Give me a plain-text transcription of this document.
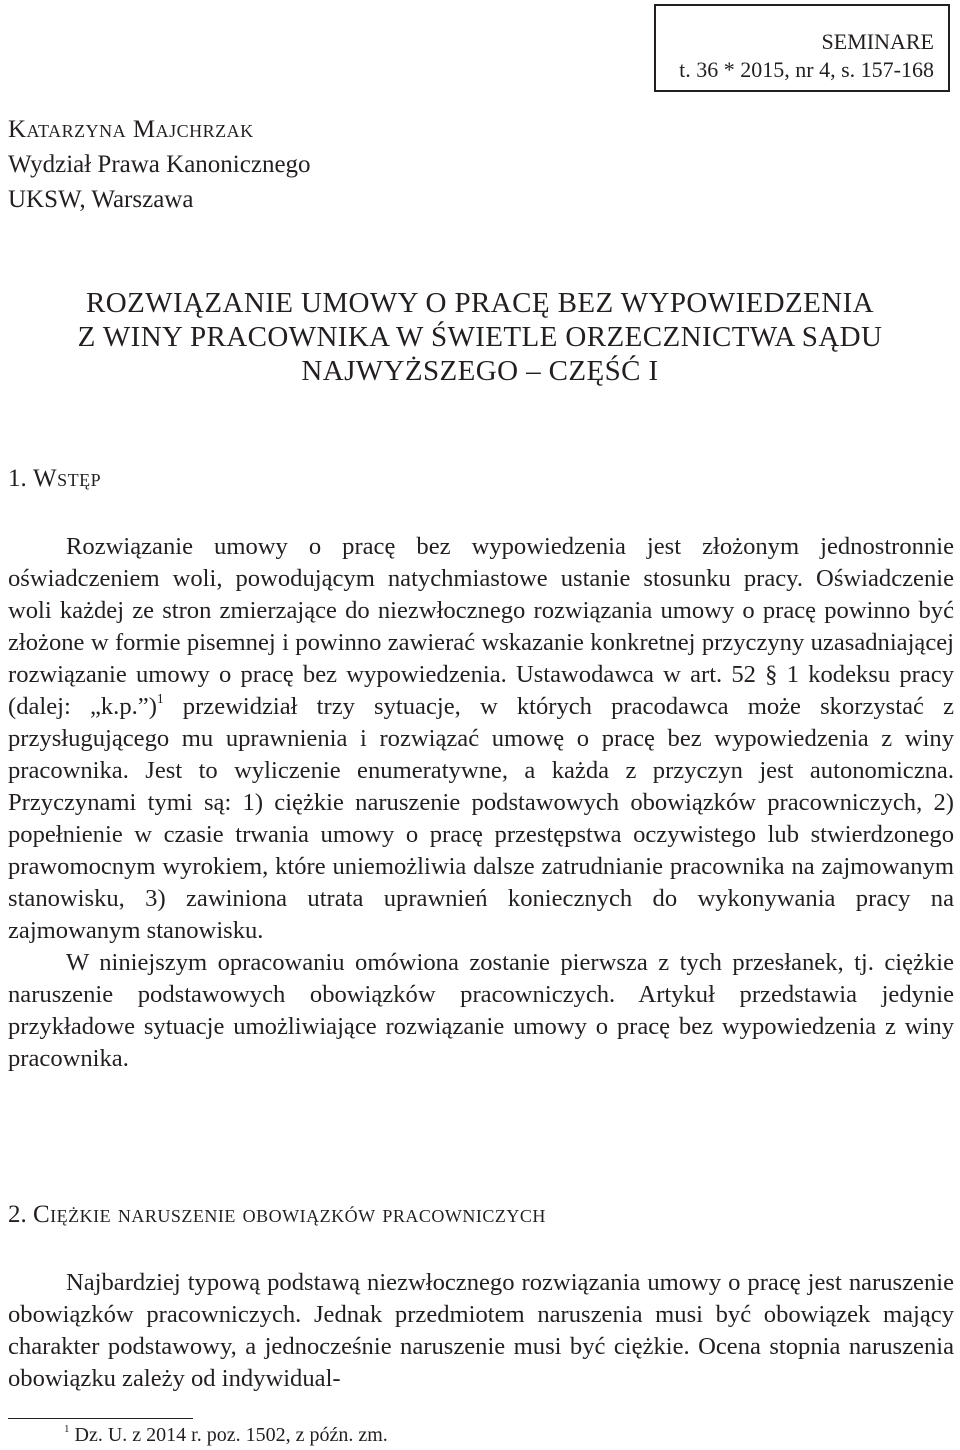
SEMINARE
t. 36 * 2015, nr 4, s. 157-168
Katarzyna Majchrzak
Wydział Prawa Kanonicznego
UKSW, Warszawa
ROZWIĄZANIE UMOWY O PRACĘ BEZ WYPOWIEDZENIA
Z WINY PRACOWNIKA W ŚWIETLE ORZECZNICTWA SĄDU
NAJWYŻSZEGO – CZĘŚĆ I
1. Wstęp

Rozwiązanie umowy o pracę bez wypowiedzenia jest złożonym jednostronnie oświadczeniem woli, powodującym natychmiastowe ustanie stosunku pracy. Oświadczenie woli każdej ze stron zmierzające do niezwłocznego rozwiązania umowy o pracę powinno być złożone w formie pisemnej i powinno zawierać wskazanie konkretnej przyczyny uzasadniającej rozwiązanie umowy o pracę bez wypowiedzenia. Ustawodawca w art. 52 § 1 kodeksu pracy (dalej: „k.p.”)$^1$ przewidział trzy sytuacje, w których pracodawca może skorzystać z przysługującego mu uprawnienia i rozwiązać umowę o pracę bez wypowiedzenia z winy pracownika. Jest to wyliczenie enumeratywne, a każda z przyczyn jest autonomiczna. Przyczynami tymi są: 1) ciężkie naruszenie podstawowych obowiązków pracowniczych, 2) popełnienie w czasie trwania umowy o pracę przestępstwa oczywistego lub stwierdzonego prawomocnym wyrokiem, które uniemożliwia dalsze zatrudnianie pracownika na zajmowanym stanowisku, 3) zawiniona utrata uprawnień koniecznych do wykonywania pracy na zajmowanym stanowisku.

W niniejszym opracowaniu omówiona zostanie pierwsza z tych przesłanek, tj. ciężkie naruszenie podstawowych obowiązków pracowniczych. Artykuł przedstawia jedynie przykładowe sytuacje umożliwiające rozwiązanie umowy o pracę bez wypowiedzenia z winy pracownika.

2. Ciężkie naruszenie obowiązków pracowniczych

Najbardziej typową podstawą niezwłocznego rozwiązania umowy o pracę jest naruszenie obowiązków pracowniczych. Jednak przedmiotem naruszenia musi być obowiązek mający charakter podstawowy, a jednocześnie naruszenie musi być ciężkie. Ocena stopnia naruszenia obowiązku zależy od indywidual-

$^1$ Dz. U. z 2014 r. poz. 1502, z późn. zm.
